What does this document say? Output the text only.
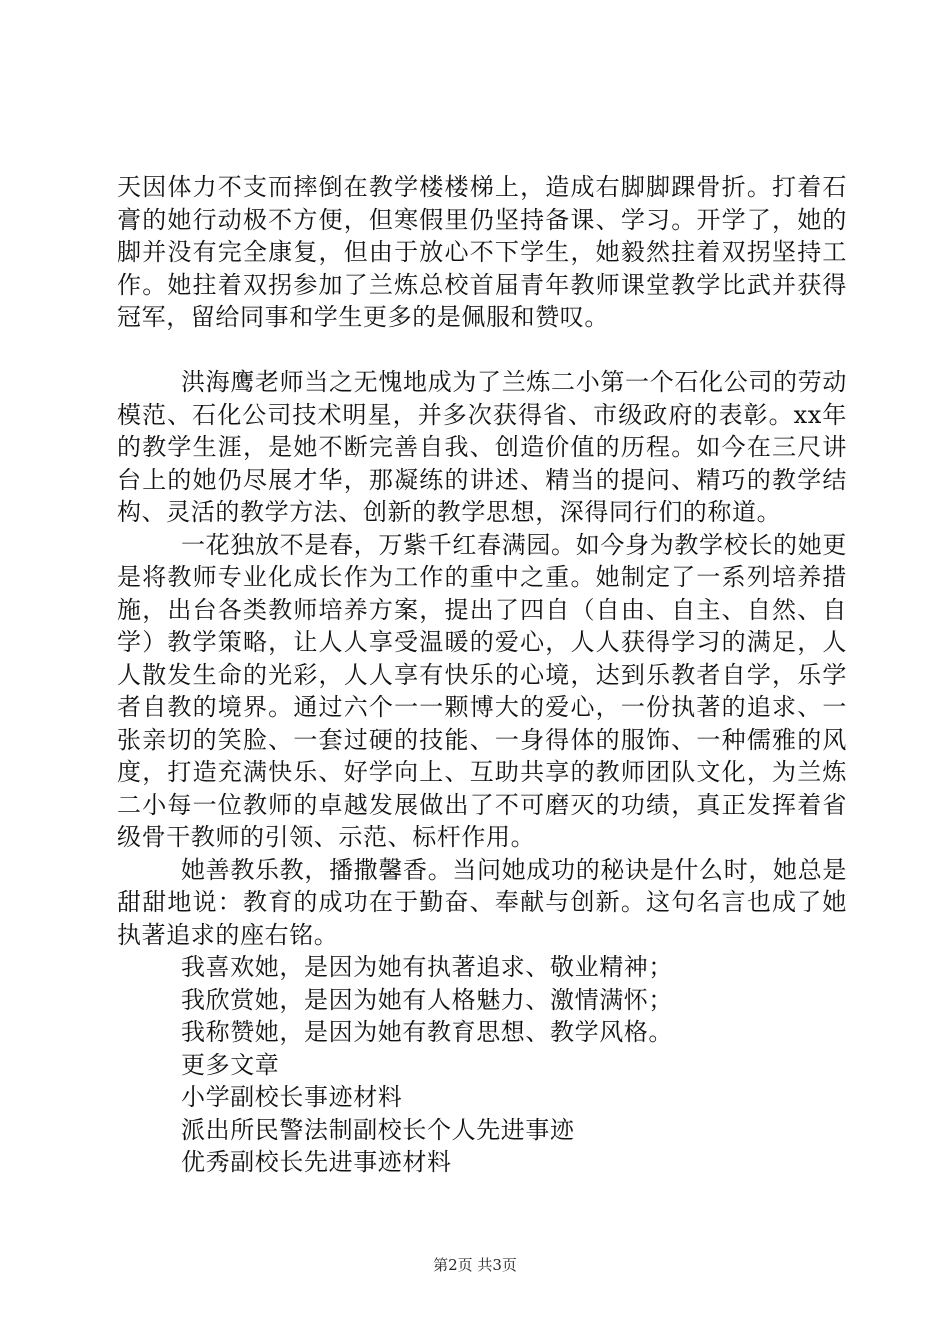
天因体力不支而摔倒在教学楼楼梯上，造成右脚脚踝骨折。打着石膏的她行动极不方便，但寒假里仍坚持备课、学习。开学了，她的脚并没有完全康复，但由于放心不下学生，她毅然拄着双拐坚持工作。她拄着双拐参加了兰炼总校首届青年教师课堂教学比武并获得冠军，留给同事和学生更多的是佩服和赞叹。

洪海鹰老师当之无愧地成为了兰炼二小第一个石化公司的劳动模范、石化公司技术明星，并多次获得省、市级政府的表彰。xx年的教学生涯，是她不断完善自我、创造价值的历程。如今在三尺讲台上的她仍尽展才华，那凝练的讲述、精当的提问、精巧的教学结构、灵活的教学方法、创新的教学思想，深得同行们的称道。

一花独放不是春，万紫千红春满园。如今身为教学校长的她更是将教师专业化成长作为工作的重中之重。她制定了一系列培养措施，出台各类教师培养方案，提出了四自（自由、自主、自然、自学）教学策略，让人人享受温暖的爱心，人人获得学习的满足，人人散发生命的光彩，人人享有快乐的心境，达到乐教者自学，乐学者自教的境界。通过六个一一颗博大的爱心，一份执著的追求、一张亲切的笑脸、一套过硬的技能、一身得体的服饰、一种儒雅的风度，打造充满快乐、好学向上、互助共享的教师团队文化，为兰炼二小每一位教师的卓越发展做出了不可磨灭的功绩，真正发挥着省级骨干教师的引领、示范、标杆作用。

她善教乐教，播撒馨香。当问她成功的秘诀是什么时，她总是甜甜地说：教育的成功在于勤奋、奉献与创新。这句名言也成了她执著追求的座右铭。

我喜欢她，是因为她有执著追求、敬业精神；
我欣赏她，是因为她有人格魅力、激情满怀；
我称赞她，是因为她有教育思想、教学风格。
更多文章
小学副校长事迹材料
派出所民警法制副校长个人先进事迹
优秀副校长先进事迹材料
第2页 共3页
